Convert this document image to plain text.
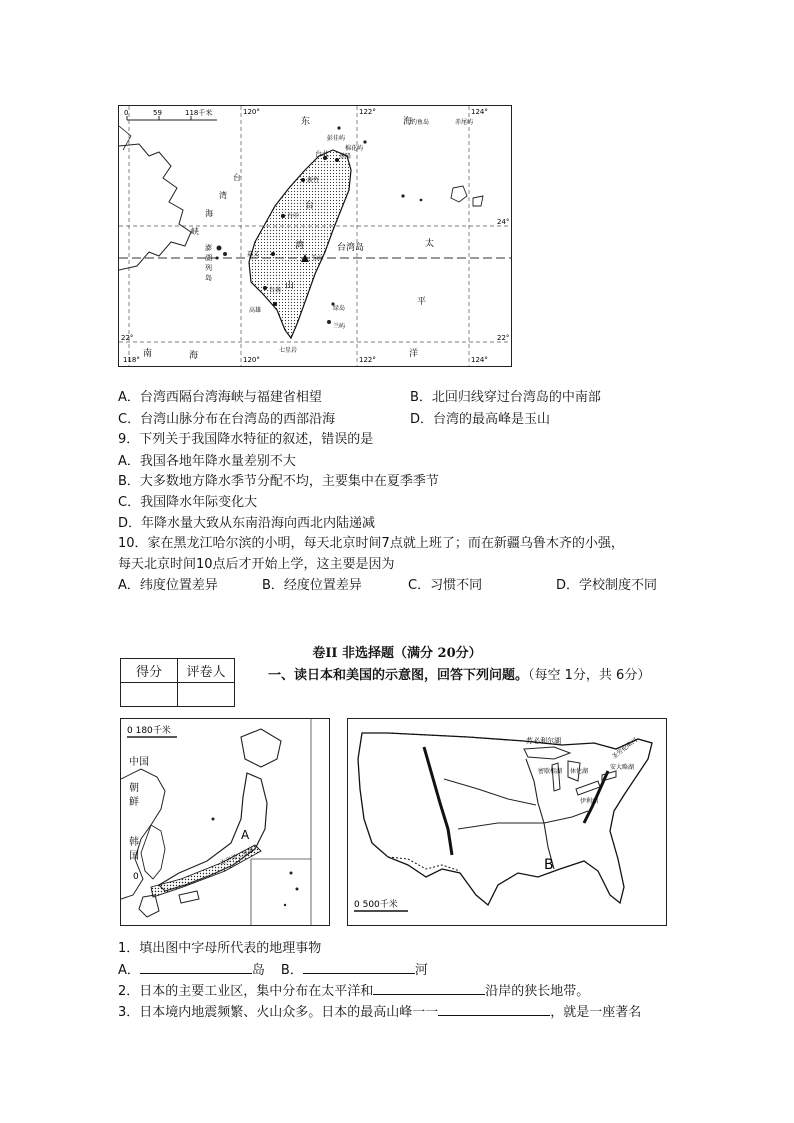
0	59	118千米	120°	122°	124°
118°	120°	122°	124°
24°
22°	22°
东	海
太
平
洋
南	海
台
湾
海
峡
澎
湖
列
岛
台湾岛
台北 基隆
新竹
台中
玉山
嘉义
台南
高雄
台
湾
山
彭佳屿
棉花屿
钓鱼岛	赤尾屿
绿岛
兰屿
七星岩
A．台湾西隔台湾海峡与福建省相望	B．北回归线穿过台湾岛的中南部
C．台湾山脉分布在台湾岛的西部沿海	D．台湾的最高峰是玉山
9．下列关于我国降水特征的叙述，错误的是
A．我国各地年降水量差别不大
B．大多数地方降水季节分配不均，主要集中在夏季季节
C．我国降水年际变化大
D．年降水量大致从东南沿海向西北内陆递减
10．家在黑龙江哈尔滨的小明，每天北京时间7点就上班了；而在新疆乌鲁木齐的小强，
每天北京时间10点后才开始上学，这主要是因为
A．纬度位置差异	B．经度位置差异	C．习惯不同	D．学校制度不同
卷II 非选择题（满分 20分）
得分	评卷人
		一、读日本和美国的示意图，回答下列问题。（每空 1分，共 6分）
0 180千米
中 国
朝
鲜
韩
国
A
太平洋工业带
0
苏必利尔湖
密歇根湖 休伦湖
伊利湖
安大略湖
圣劳伦斯河
B
0 500千米
1．填出图中字母所代表的地理事物
A．	岛 B．	河
2．日本的主要工业区，集中分布在太平洋和	沿岸的狭长地带。
3．日本境内地震频繁、火山众多。日本的最高山峰一一	，就是一座著名
